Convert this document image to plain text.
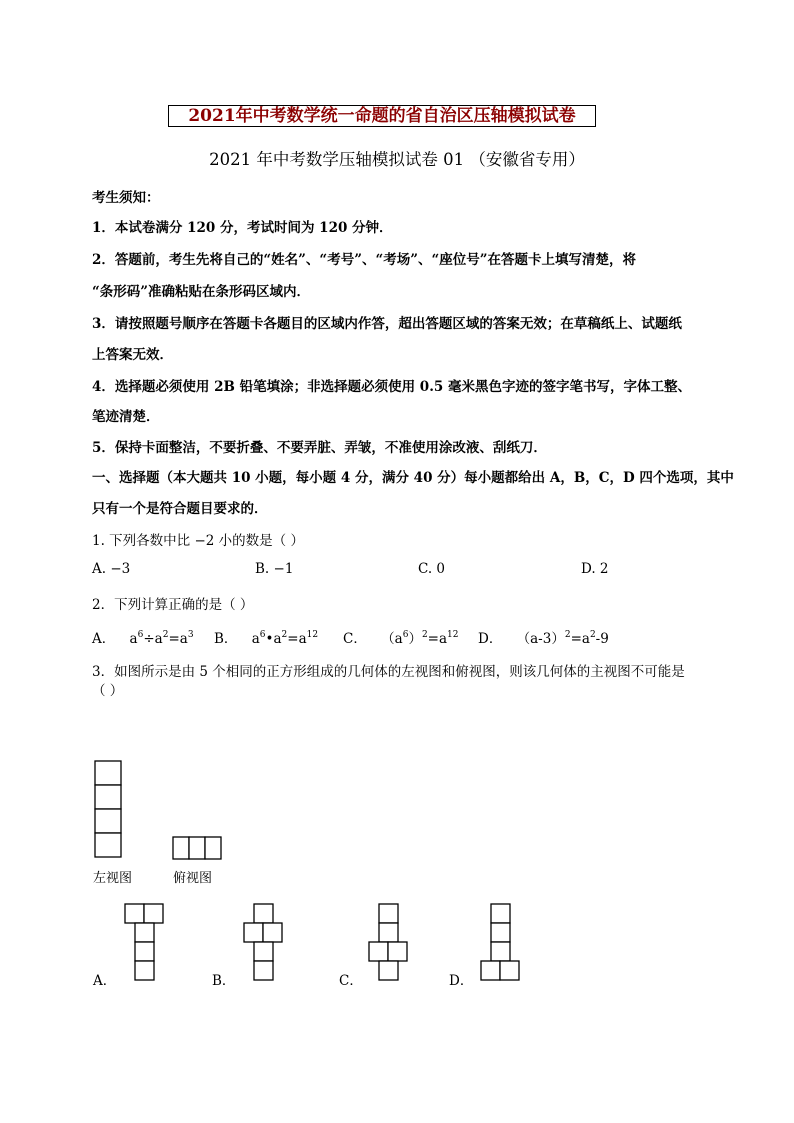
2021年中考数学统一命题的省自治区压轴模拟试卷
2021 年中考数学压轴模拟试卷 01 （安徽省专用）
考生须知：
1．本试卷满分 120 分，考试时间为 120 分钟．
2．答题前，考生先将自己的“姓名”、“考号”、“考场”、“座位号”在答题卡上填写清楚，将
“条形码”准确粘贴在条形码区域内．
3．请按照题号顺序在答题卡各题目的区域内作答，超出答题区域的答案无效；在草稿纸上、试题纸
上答案无效．
4．选择题必须使用 2B 铅笔填涂；非选择题必须使用 0.5 毫米黑色字迹的签字笔书写，字体工整、
笔迹清楚．
5．保持卡面整洁，不要折叠、不要弄脏、弄皱，不准使用涂改液、刮纸刀．
一、选择题（本大题共 10 小题，每小题 4 分，满分 40 分）每小题都给出 A，B，C，D 四个选项，其中
只有一个是符合题目要求的．
1. 下列各数中比 −2 小的数是（ ）
A. −3	B. −1	C. 0	D. 2
2．下列计算正确的是（ ）
A． $a^6\div a^2=a^3$ B． $a^6•a^2=a^{12}$ C． $(a^6)^2=a^{12}$ D． $(a-3)^2=a^2-9$
3．如图所示是由 5 个相同的正方形组成的几何体的左视图和俯视图，则该几何体的主视图不可能是
（ ）
左视图	俯视图
A．	B．	C．	D．
